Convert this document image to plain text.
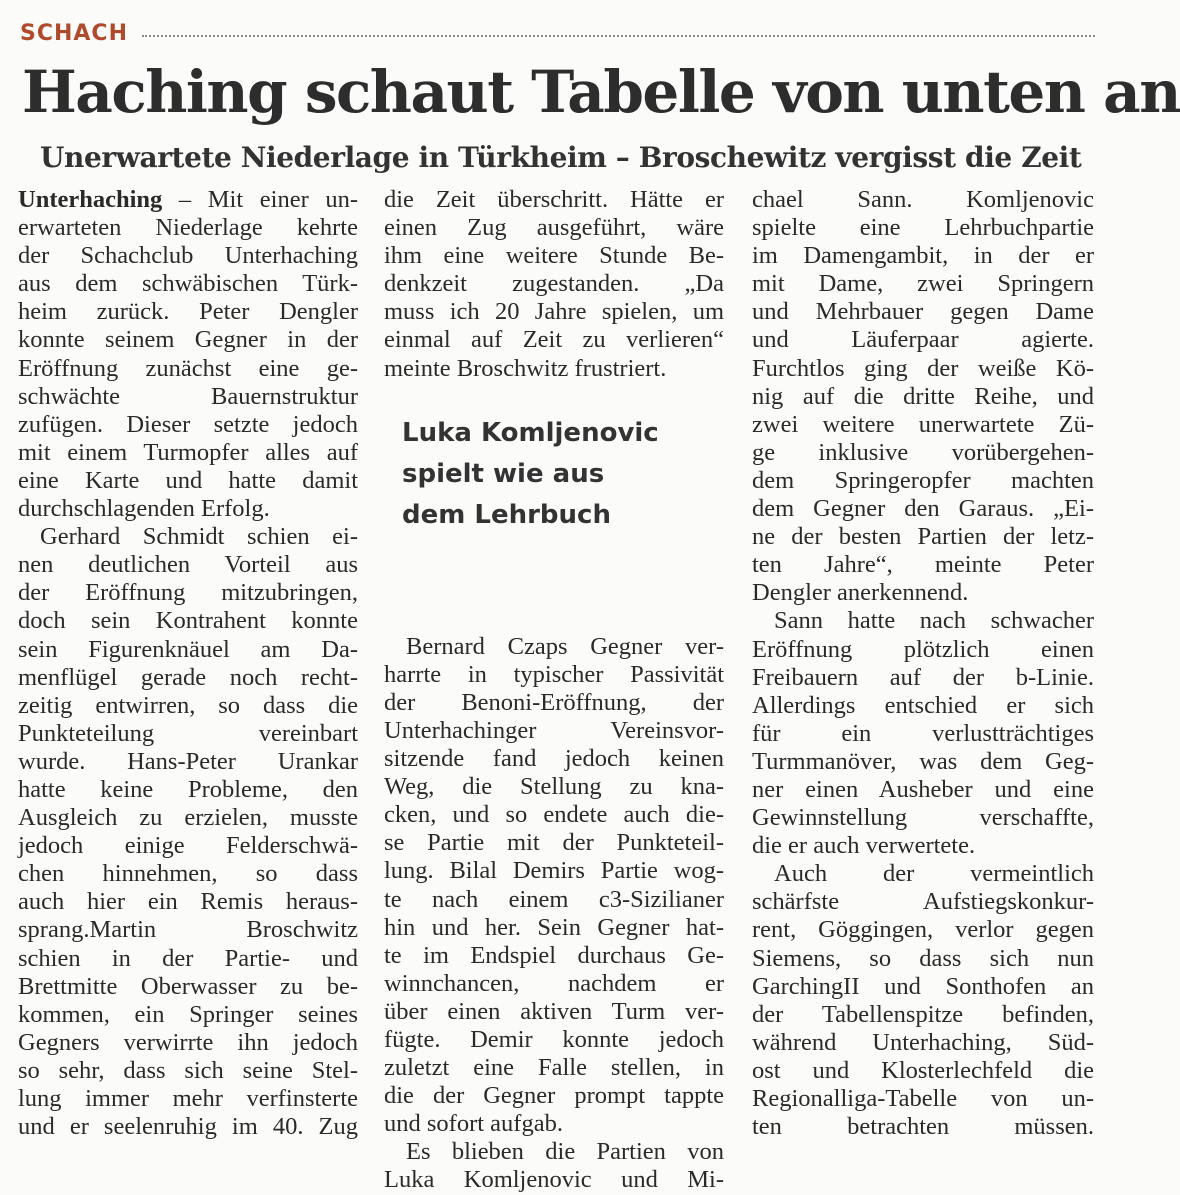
SCHACH
Haching schaut Tabelle von unten an
Unerwartete Niederlage in Türkheim – Broschewitz vergisst die Zeit
Unterhaching – Mit einer un-
erwarteten Niederlage kehrte
der Schachclub Unterhaching
aus dem schwäbischen Türk-
heim zurück. Peter Dengler
konnte seinem Gegner in der
Eröffnung zunächst eine ge-
schwächte Bauernstruktur
zufügen. Dieser setzte jedoch
mit einem Turmopfer alles auf
eine Karte und hatte damit
durchschlagenden Erfolg.
Gerhard Schmidt schien ei-
nen deutlichen Vorteil aus
der Eröffnung mitzubringen,
doch sein Kontrahent konnte
sein Figurenknäuel am Da-
menflügel gerade noch recht-
zeitig entwirren, so dass die
Punkteteilung vereinbart
wurde. Hans-Peter Urankar
hatte keine Probleme, den
Ausgleich zu erzielen, musste
jedoch einige Felderschwä-
chen hinnehmen, so dass
auch hier ein Remis heraus-
sprang.Martin Broschwitz
schien in der Partie- und
Brettmitte Oberwasser zu be-
kommen, ein Springer seines
Gegners verwirrte ihn jedoch
so sehr, dass sich seine Stel-
lung immer mehr verfinsterte
und er seelenruhig im 40. Zug
die Zeit überschritt. Hätte er
einen Zug ausgeführt, wäre
ihm eine weitere Stunde Be-
denkzeit zugestanden. „Da
muss ich 20 Jahre spielen, um
einmal auf Zeit zu verlieren“
meinte Broschwitz frustriert.
Luka Komljenovic
spielt wie aus
dem Lehrbuch
Bernard Czaps Gegner ver-
harrte in typischer Passivität
der Benoni-Eröffnung, der
Unterhachinger Vereinsvor-
sitzende fand jedoch keinen
Weg, die Stellung zu kna-
cken, und so endete auch die-
se Partie mit der Punkteteil-
lung. Bilal Demirs Partie wog-
te nach einem c3-Sizilianer
hin und her. Sein Gegner hat-
te im Endspiel durchaus Ge-
winnchancen, nachdem er
über einen aktiven Turm ver-
fügte. Demir konnte jedoch
zuletzt eine Falle stellen, in
die der Gegner prompt tappte
und sofort aufgab.
Es blieben die Partien von
Luka Komljenovic und Mi-
chael Sann. Komljenovic
spielte eine Lehrbuchpartie
im Damengambit, in der er
mit Dame, zwei Springern
und Mehrbauer gegen Dame
und Läuferpaar agierte.
Furchtlos ging der weiße Kö-
nig auf die dritte Reihe, und
zwei weitere unerwartete Zü-
ge inklusive vorübergehen-
dem Springeropfer machten
dem Gegner den Garaus. „Ei-
ne der besten Partien der letz-
ten Jahre“, meinte Peter
Dengler anerkennend.
Sann hatte nach schwacher
Eröffnung plötzlich einen
Freibauern auf der b-Linie.
Allerdings entschied er sich
für ein verlustträchtiges
Turmmanöver, was dem Geg-
ner einen Ausheber und eine
Gewinnstellung verschaffte,
die er auch verwertete.
Auch der vermeintlich
schärfste Aufstiegskonkur-
rent, Göggingen, verlor gegen
Siemens, so dass sich nun
GarchingII und Sonthofen an
der Tabellenspitze befinden,
während Unterhaching, Süd-
ost und Klosterlechfeld die
Regionalliga-Tabelle von un-
ten betrachten müssen.
